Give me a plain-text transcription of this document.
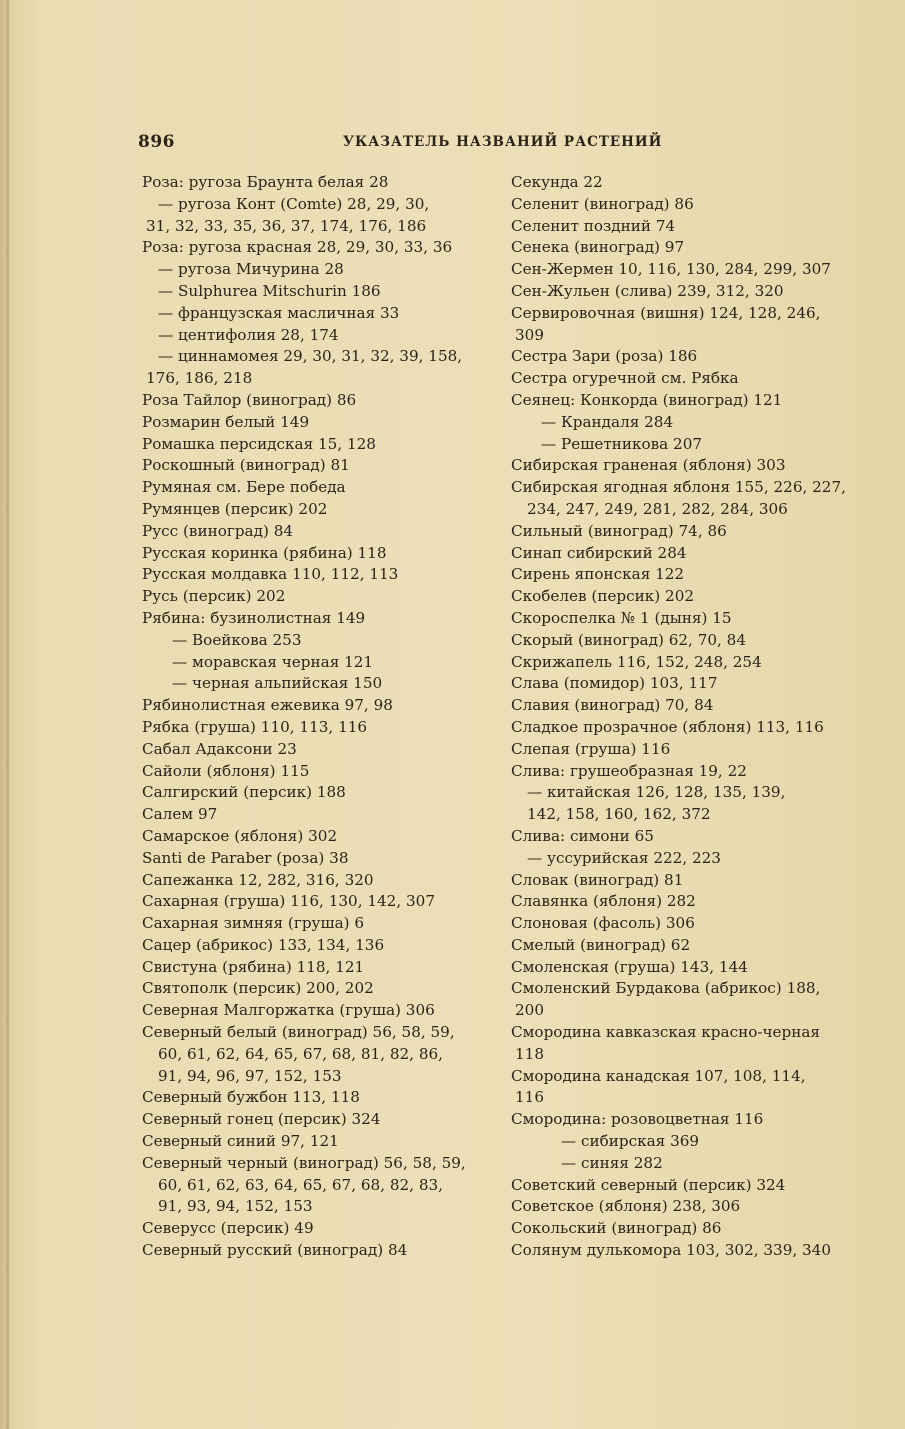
896	УКАЗАТЕЛЬ НАЗВАНИЙ РАСТЕНИЙ
Роза: ругоза Браунта белая 28
— ругоза Конт (Comte) 28, 29, 30,
31, 32, 33, 35, 36, 37, 174, 176, 186
Роза: ругоза красная 28, 29, 30, 33, 36
— ругоза Мичурина 28
— Sulphurea Mitschurin 186
— французская масличная 33
— центифолия 28, 174
— циннамомея 29, 30, 31, 32, 39, 158,
176, 186, 218
Роза Тайлор (виноград) 86
Розмарин белый 149
Ромашка персидская 15, 128
Роскошный (виноград) 81
Румяная см. Бере победа
Румянцев (персик) 202
Русс (виноград) 84
Русская коринка (рябина) 118
Русская молдавка 110, 112, 113
Русь (персик) 202
Рябина: бузинолистная 149
— Воейкова 253
— моравская черная 121
— черная альпийская 150
Рябинолистная ежевика 97, 98
Рябка (груша) 110, 113, 116
Сабал Адаксони 23
Сайоли (яблоня) 115
Салгирский (персик) 188
Салем 97
Самарское (яблоня) 302
Santi de Paraber (роза) 38
Сапежанка 12, 282, 316, 320
Сахарная (груша) 116, 130, 142, 307
Сахарная зимняя (груша) 6
Сацер (абрикос) 133, 134, 136
Свистуна (рябина) 118, 121
Святополк (персик) 200, 202
Северная Малгоржатка (груша) 306
Северный белый (виноград) 56, 58, 59,
60, 61, 62, 64, 65, 67, 68, 81, 82, 86,
91, 94, 96, 97, 152, 153
Северный бужбон 113, 118
Северный гонец (персик) 324
Северный синий 97, 121
Северный черный (виноград) 56, 58, 59,
60, 61, 62, 63, 64, 65, 67, 68, 82, 83,
91, 93, 94, 152, 153
Северусс (персик) 49
Северный русский (виноград) 84
Секунда 22
Селенит (виноград) 86
Селенит поздний 74
Сенека (виноград) 97
Сен-Жермен 10, 116, 130, 284, 299, 307
Сен-Жульен (слива) 239, 312, 320
Сервировочная (вишня) 124, 128, 246,
309
Сестра Зари (роза) 186
Сестра огуречной см. Рябка
Сеянец: Конкорда (виноград) 121
— Крандаля 284
— Решетникова 207
Сибирская граненая (яблоня) 303
Сибирская ягодная яблоня 155, 226, 227,
234, 247, 249, 281, 282, 284, 306
Сильный (виноград) 74, 86
Синап сибирский 284
Сирень японская 122
Скобелев (персик) 202
Скороспелка № 1 (дыня) 15
Скорый (виноград) 62, 70, 84
Скрижапель 116, 152, 248, 254
Слава (помидор) 103, 117
Славия (виноград) 70, 84
Сладкое прозрачное (яблоня) 113, 116
Слепая (груша) 116
Слива: грушеобразная 19, 22
— китайская 126, 128, 135, 139,
142, 158, 160, 162, 372
Слива: симони 65
— уссурийская 222, 223
Словак (виноград) 81
Славянка (яблоня) 282
Слоновая (фасоль) 306
Смелый (виноград) 62
Смоленская (груша) 143, 144
Смоленский Бурдакова (абрикос) 188,
200
Смородина кавказская красно-черная
118
Смородина канадская 107, 108, 114,
116
Смородина: розовоцветная 116
— сибирская 369
— синяя 282
Советский северный (персик) 324
Советское (яблоня) 238, 306
Сокольский (виноград) 86
Солянум дулькомора 103, 302, 339, 340
